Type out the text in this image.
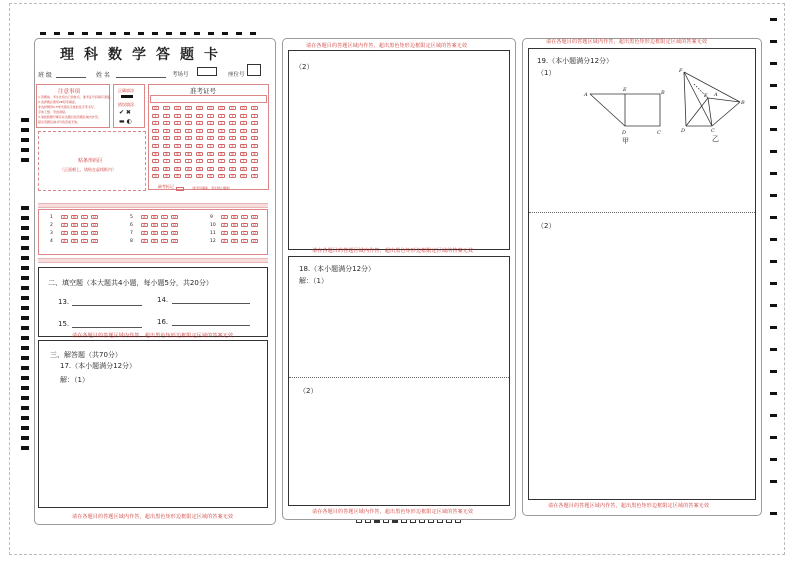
理科数学答题卡
班 级	姓 名	考场号	座位号
注意事项
1.答题前，考生先将自己的姓名、准考证号码填写清楚。
2.选择题必须用2B铅笔填涂，
非选择题用0.5毫米黑色字迹的签字笔书写，
字体工整，笔迹清楚。
3.请按照题号顺序在各题目的答题区域内作答，
超出答题区域书写的答案无效。
正确填涂
错误填涂
✔ ✖
▬ ◐
准考证号
0	0	0	0	0	0	0	0	0	0
1	1	1	1	1	1	1	1	1	1
2	2	2	2	2	2	2	2	2	2
3	3	3	3	3	3	3	3	3	3
4	4	4	4	4	4	4	4	4	4
5	5	5	5	5	5	5	5	5	5
6	6	6	6	6	6	6	6	6	6
7	7	7	7	7	7	7	7	7	7
8	8	8	8	8	8	8	8	8	8
9	9	9	9	9	9	9	9	9	9
贴条形码区
（正面朝上，请贴在虚线框内）
缺考标记	（监考员填涂，考生禁止填涂）
1	A	B	C	D
2	A	B	C	D
3	A	B	C	D
4	A	B	C	D
5	A	B	C	D
6	A	B	C	D
7	A	B	C	D
8	A	B	C	D
9	A	B	C	D
10	A	B	C	D
11	A	B	C	D
12	A	B	C	D
二、填空题（本大题共4小题，每小题5分，共20分）
13.	14.
15.	16.
请在各题目的答题区域内作答，超出黑色矩形边框限定区域的答案无效
三、解答题（共70分）
17.（本小题满分12分）
解：（1）
请在各题目的答题区域内作答，超出黑色矩形边框限定区域的答案无效
请在各题目的答题区域内作答，超出黑色矩形边框限定区域的答案无效
（2）
请在各题目的答题区域内作答，超出黑色矩形边框限定区域的答案无效
18.（本小题满分12分）
解：（1）
（2）
请在各题目的答题区域内作答，超出黑色矩形边框限定区域的答案无效
请在各题目的答题区域内作答，超出黑色矩形边框限定区域的答案无效
19.（本小题满分12分）
（1）
A
E	B
D	C
甲
F
E
B
D	C
A
乙
（2）
请在各题目的答题区域内作答，超出黑色矩形边框限定区域的答案无效
